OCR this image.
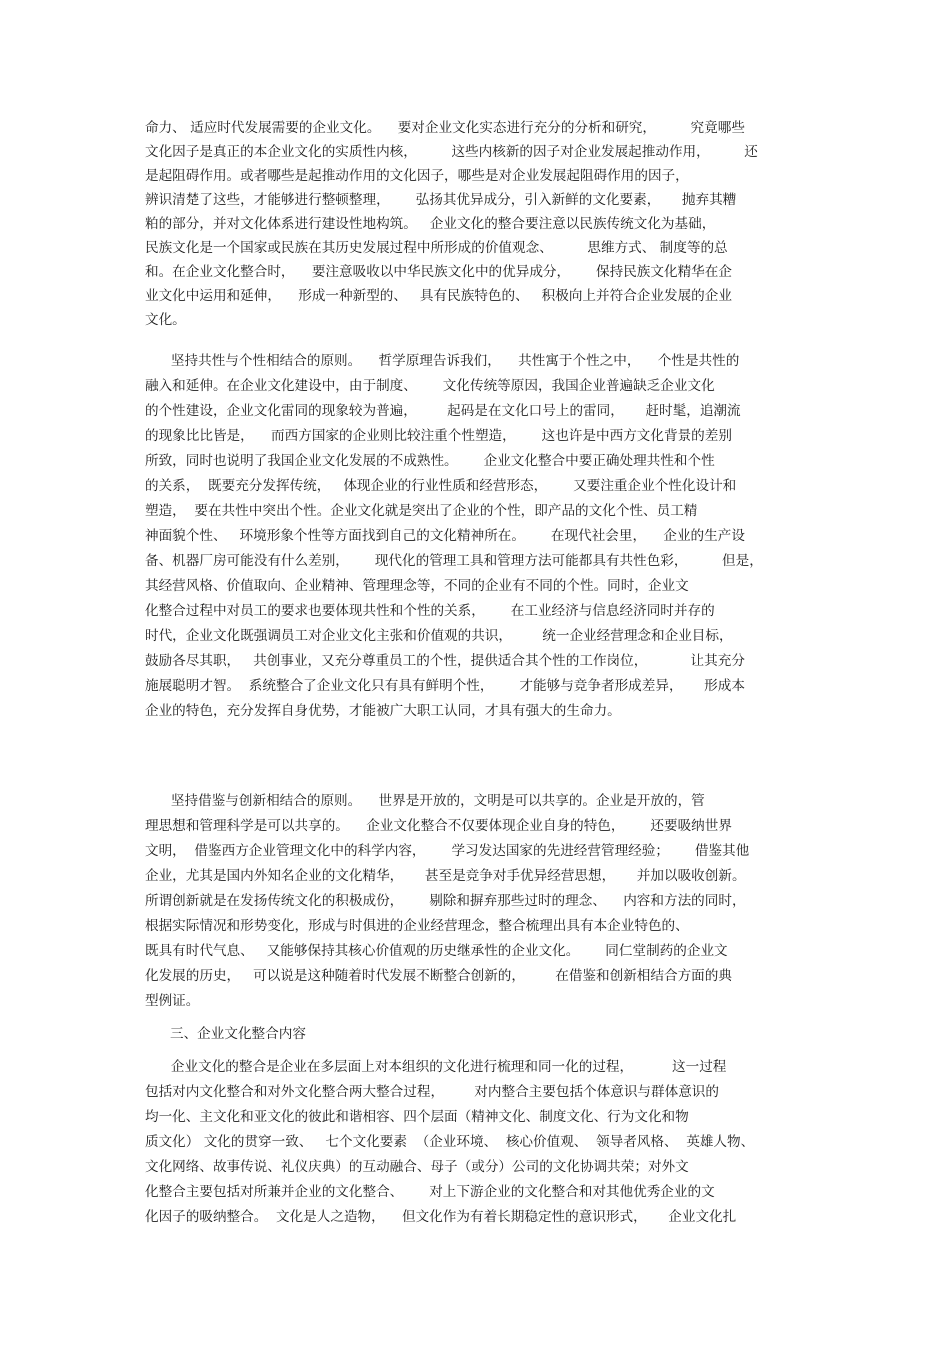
命力、 适应时代发展需要的企业文化。    要对企业文化实态进行充分的分析和研究，        究竟哪些
文化因子是真正的本企业文化的实质性内核，        这些内核新的因子对企业发展起推动作用，        还
是起阻碍作用。或者哪些是起推动作用的文化因子，哪些是对企业发展起阻碍作用的因子，
辨识清楚了这些，才能够进行整顿整理，      弘扬其优异成分，引入新鲜的文化要素，     抛弃其糟
粕的部分，并对文化体系进行建设性地构筑。   企业文化的整合要注意以民族传统文化为基础，
民族文化是一个国家或民族在其历史发展过程中所形成的价值观念、        思维方式、 制度等的总
和。在企业文化整合时，    要注意吸收以中华民族文化中的优异成分，      保持民族文化精华在企
业文化中运用和延伸，    形成一种新型的、   具有民族特色的、   积极向上并符合企业发展的企业
文化。
坚持共性与个性相结合的原则。    哲学原理告诉我们，    共性寓于个性之中，    个性是共性的
融入和延伸。在企业文化建设中，由于制度、      文化传统等原因，我国企业普遍缺乏企业文化
的个性建设，企业文化雷同的现象较为普遍，       起码是在文化口号上的雷同，     赶时髦，追潮流
的现象比比皆是，    而西方国家的企业则比较注重个性塑造，      这也许是中西方文化背景的差别
所致，同时也说明了我国企业文化发展的不成熟性。      企业文化整合中要正确处理共性和个性
的关系，  既要充分发挥传统，   体现企业的行业性质和经营形态，      又要注重企业个性化设计和
塑造，  要在共性中突出个性。企业文化就是突出了企业的个性，即产品的文化个性、员工精
神面貌个性、   环境形象个性等方面找到自己的文化精神所在。      在现代社会里，    企业的生产设
备、机器厂房可能没有什么差别，      现代化的管理工具和管理方法可能都具有共性色彩，        但是，
其经营风格、价值取向、企业精神、管理理念等，不同的企业有不同的个性。同时，企业文
化整合过程中对员工的要求也要体现共性和个性的关系，      在工业经济与信息经济同时并存的
时代，企业文化既强调员工对企业文化主张和价值观的共识，       统一企业经营理念和企业目标，
鼓励各尽其职，   共创事业，又充分尊重员工的个性，提供适合其个性的工作岗位，          让其充分
施展聪明才智。  系统整合了企业文化只有具有鲜明个性，      才能够与竞争者形成差异，     形成本
企业的特色，充分发挥自身优势，才能被广大职工认同，才具有强大的生命力。
坚持借鉴与创新相结合的原则。    世界是开放的，文明是可以共享的。企业是开放的，管
理思想和管理科学是可以共享的。    企业文化整合不仅要体现企业自身的特色，      还要吸纳世界
文明，  借鉴西方企业管理文化中的科学内容，      学习发达国家的先进经营管理经验；      借鉴其他
企业，尤其是国内外知名企业的文化精华，     甚至是竞争对手优异经营思想，     并加以吸收创新。
所谓创新就是在发扬传统文化的积极成份，      剔除和摒弃那些过时的理念、    内容和方法的同时，
根据实际情况和形势变化，形成与时俱进的企业经营理念，整合梳理出具有本企业特色的、
既具有时代气息、   又能够保持其核心价值观的历史继承性的企业文化。      同仁堂制药的企业文
化发展的历史，   可以说是这种随着时代发展不断整合创新的，       在借鉴和创新相结合方面的典
型例证。
三、企业文化整合内容
企业文化的整合是企业在多层面上对本组织的文化进行梳理和同一化的过程，         这一过程
包括对内文化整合和对外文化整合两大整合过程，       对内整合主要包括个体意识与群体意识的
均一化、主文化和亚文化的彼此和谐相容、四个层面（精神文化、制度文化、行为文化和物
质文化） 文化的贯穿一致、   七个文化要素  （企业环境、  核心价值观、  领导者风格、  英雄人物、
文化网络、故事传说、礼仪庆典）的互动融合、母子（或分）公司的文化协调共荣；对外文
化整合主要包括对所兼并企业的文化整合、      对上下游企业的文化整合和对其他优秀企业的文
化因子的吸纳整合。  文化是人之造物，    但文化作为有着长期稳定性的意识形式，     企业文化扎
